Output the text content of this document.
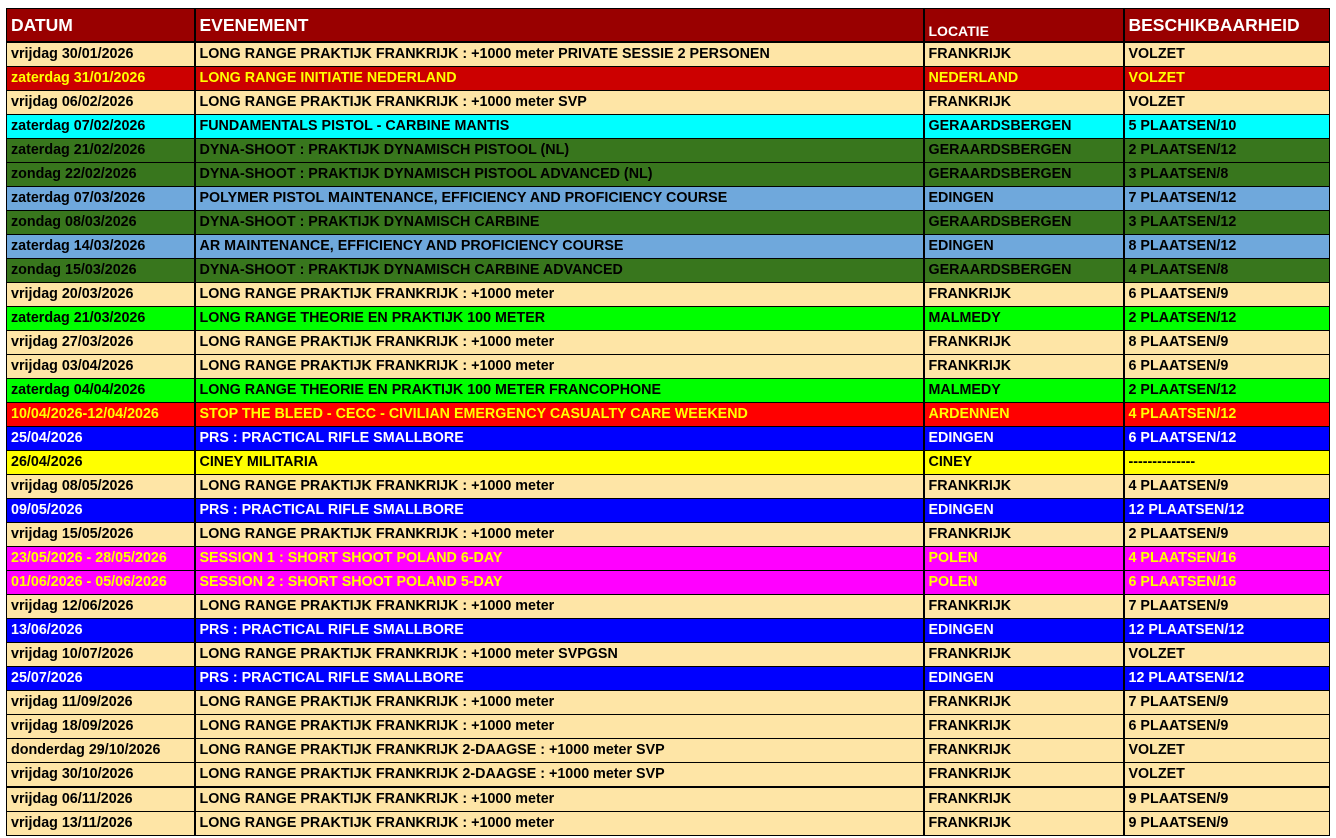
DATUM	EVENEMENT	LOCATIE	BESCHIKBAARHEID
vrijdag 30/01/2026	LONG RANGE PRAKTIJK FRANKRIJK : +1000 meter PRIVATE SESSIE 2 PERSONEN	FRANKRIJK	VOLZET
zaterdag 31/01/2026	LONG RANGE INITIATIE NEDERLAND	NEDERLAND	VOLZET
vrijdag 06/02/2026	LONG RANGE PRAKTIJK FRANKRIJK : +1000 meter SVP	FRANKRIJK	VOLZET
zaterdag 07/02/2026	FUNDAMENTALS PISTOL - CARBINE MANTIS	GERAARDSBERGEN	5 PLAATSEN/10
zaterdag 21/02/2026	DYNA-SHOOT : PRAKTIJK DYNAMISCH PISTOOL (NL)	GERAARDSBERGEN	2 PLAATSEN/12
zondag 22/02/2026	DYNA-SHOOT : PRAKTIJK DYNAMISCH PISTOOL ADVANCED (NL)	GERAARDSBERGEN	3 PLAATSEN/8
zaterdag 07/03/2026	POLYMER PISTOL MAINTENANCE, EFFICIENCY AND PROFICIENCY COURSE	EDINGEN	7 PLAATSEN/12
zondag 08/03/2026	DYNA-SHOOT : PRAKTIJK DYNAMISCH CARBINE	GERAARDSBERGEN	3 PLAATSEN/12
zaterdag 14/03/2026	AR MAINTENANCE, EFFICIENCY AND PROFICIENCY COURSE	EDINGEN	8 PLAATSEN/12
zondag 15/03/2026	DYNA-SHOOT : PRAKTIJK DYNAMISCH CARBINE ADVANCED	GERAARDSBERGEN	4 PLAATSEN/8
vrijdag 20/03/2026	LONG RANGE PRAKTIJK FRANKRIJK : +1000 meter	FRANKRIJK	6 PLAATSEN/9
zaterdag 21/03/2026	LONG RANGE THEORIE EN PRAKTIJK 100 METER	MALMEDY	2 PLAATSEN/12
vrijdag 27/03/2026	LONG RANGE PRAKTIJK FRANKRIJK : +1000 meter	FRANKRIJK	8 PLAATSEN/9
vrijdag 03/04/2026	LONG RANGE PRAKTIJK FRANKRIJK : +1000 meter	FRANKRIJK	6 PLAATSEN/9
zaterdag 04/04/2026	LONG RANGE THEORIE EN PRAKTIJK 100 METER FRANCOPHONE	MALMEDY	2 PLAATSEN/12
10/04/2026-12/04/2026	STOP THE BLEED - CECC - CIVILIAN EMERGENCY CASUALTY CARE WEEKEND	ARDENNEN	4 PLAATSEN/12
25/04/2026	PRS : PRACTICAL RIFLE SMALLBORE	EDINGEN	6 PLAATSEN/12
26/04/2026	CINEY MILITARIA	CINEY	--------------
vrijdag 08/05/2026	LONG RANGE PRAKTIJK FRANKRIJK : +1000 meter	FRANKRIJK	4 PLAATSEN/9
09/05/2026	PRS : PRACTICAL RIFLE SMALLBORE	EDINGEN	12 PLAATSEN/12
vrijdag 15/05/2026	LONG RANGE PRAKTIJK FRANKRIJK : +1000 meter	FRANKRIJK	2 PLAATSEN/9
23/05/2026 - 28/05/2026	SESSION 1 : SHORT SHOOT POLAND 6-DAY	POLEN	4 PLAATSEN/16
01/06/2026 - 05/06/2026	SESSION 2 : SHORT SHOOT POLAND 5-DAY	POLEN	6 PLAATSEN/16
vrijdag 12/06/2026	LONG RANGE PRAKTIJK FRANKRIJK : +1000 meter	FRANKRIJK	7 PLAATSEN/9
13/06/2026	PRS : PRACTICAL RIFLE SMALLBORE	EDINGEN	12 PLAATSEN/12
vrijdag 10/07/2026	LONG RANGE PRAKTIJK FRANKRIJK : +1000 meter SVPGSN	FRANKRIJK	VOLZET
25/07/2026	PRS : PRACTICAL RIFLE SMALLBORE	EDINGEN	12 PLAATSEN/12
vrijdag 11/09/2026	LONG RANGE PRAKTIJK FRANKRIJK : +1000 meter	FRANKRIJK	7 PLAATSEN/9
vrijdag 18/09/2026	LONG RANGE PRAKTIJK FRANKRIJK : +1000 meter	FRANKRIJK	6 PLAATSEN/9
donderdag 29/10/2026	LONG RANGE PRAKTIJK FRANKRIJK 2-DAAGSE : +1000 meter SVP	FRANKRIJK	VOLZET
vrijdag 30/10/2026	LONG RANGE PRAKTIJK FRANKRIJK 2-DAAGSE : +1000 meter SVP	FRANKRIJK	VOLZET
vrijdag 06/11/2026	LONG RANGE PRAKTIJK FRANKRIJK : +1000 meter	FRANKRIJK	9 PLAATSEN/9
vrijdag 13/11/2026	LONG RANGE PRAKTIJK FRANKRIJK : +1000 meter	FRANKRIJK	9 PLAATSEN/9
